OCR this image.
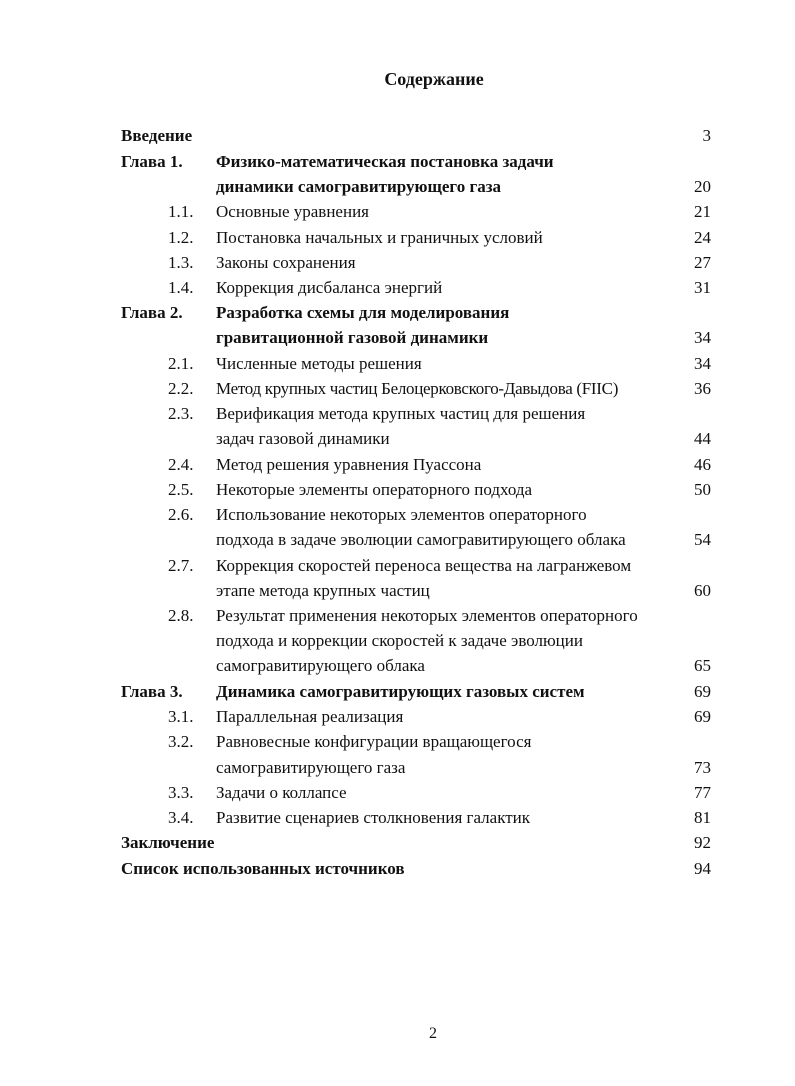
Содержание
Введение	3
Глава 1. Физико-математическая постановка задачи
динамики самогравитирующего газа	20
1.1. Основные уравнения	21
1.2. Постановка начальных и граничных условий	24
1.3. Законы сохранения	27
1.4. Коррекция дисбаланса энергий	31
Глава 2. Разработка схемы для моделирования
гравитационной газовой динамики	34
2.1. Численные методы решения	34
2.2. Метод крупных частиц Белоцерковского-Давыдова (FIIC)	36
2.3. Верификация метода крупных частиц для решения
задач газовой динамики	44
2.4. Метод решения уравнения Пуассона	46
2.5. Некоторые элементы операторного подхода	50
2.6. Использование некоторых элементов операторного
подхода в задаче эволюции самогравитирующего облака	54
2.7. Коррекция скоростей переноса вещества на лагранжевом
этапе метода крупных частиц	60
2.8. Результат применения некоторых элементов операторного
подхода и коррекции скоростей к задаче эволюции
самогравитирующего облака	65
Глава 3. Динамика самогравитирующих газовых систем	69
3.1. Параллельная реализация	69
3.2. Равновесные конфигурации вращающегося
самогравитирующего газа	73
3.3. Задачи о коллапсе	77
3.4. Развитие сценариев столкновения галактик	81
Заключение	92
Список использованных источников	94
2
